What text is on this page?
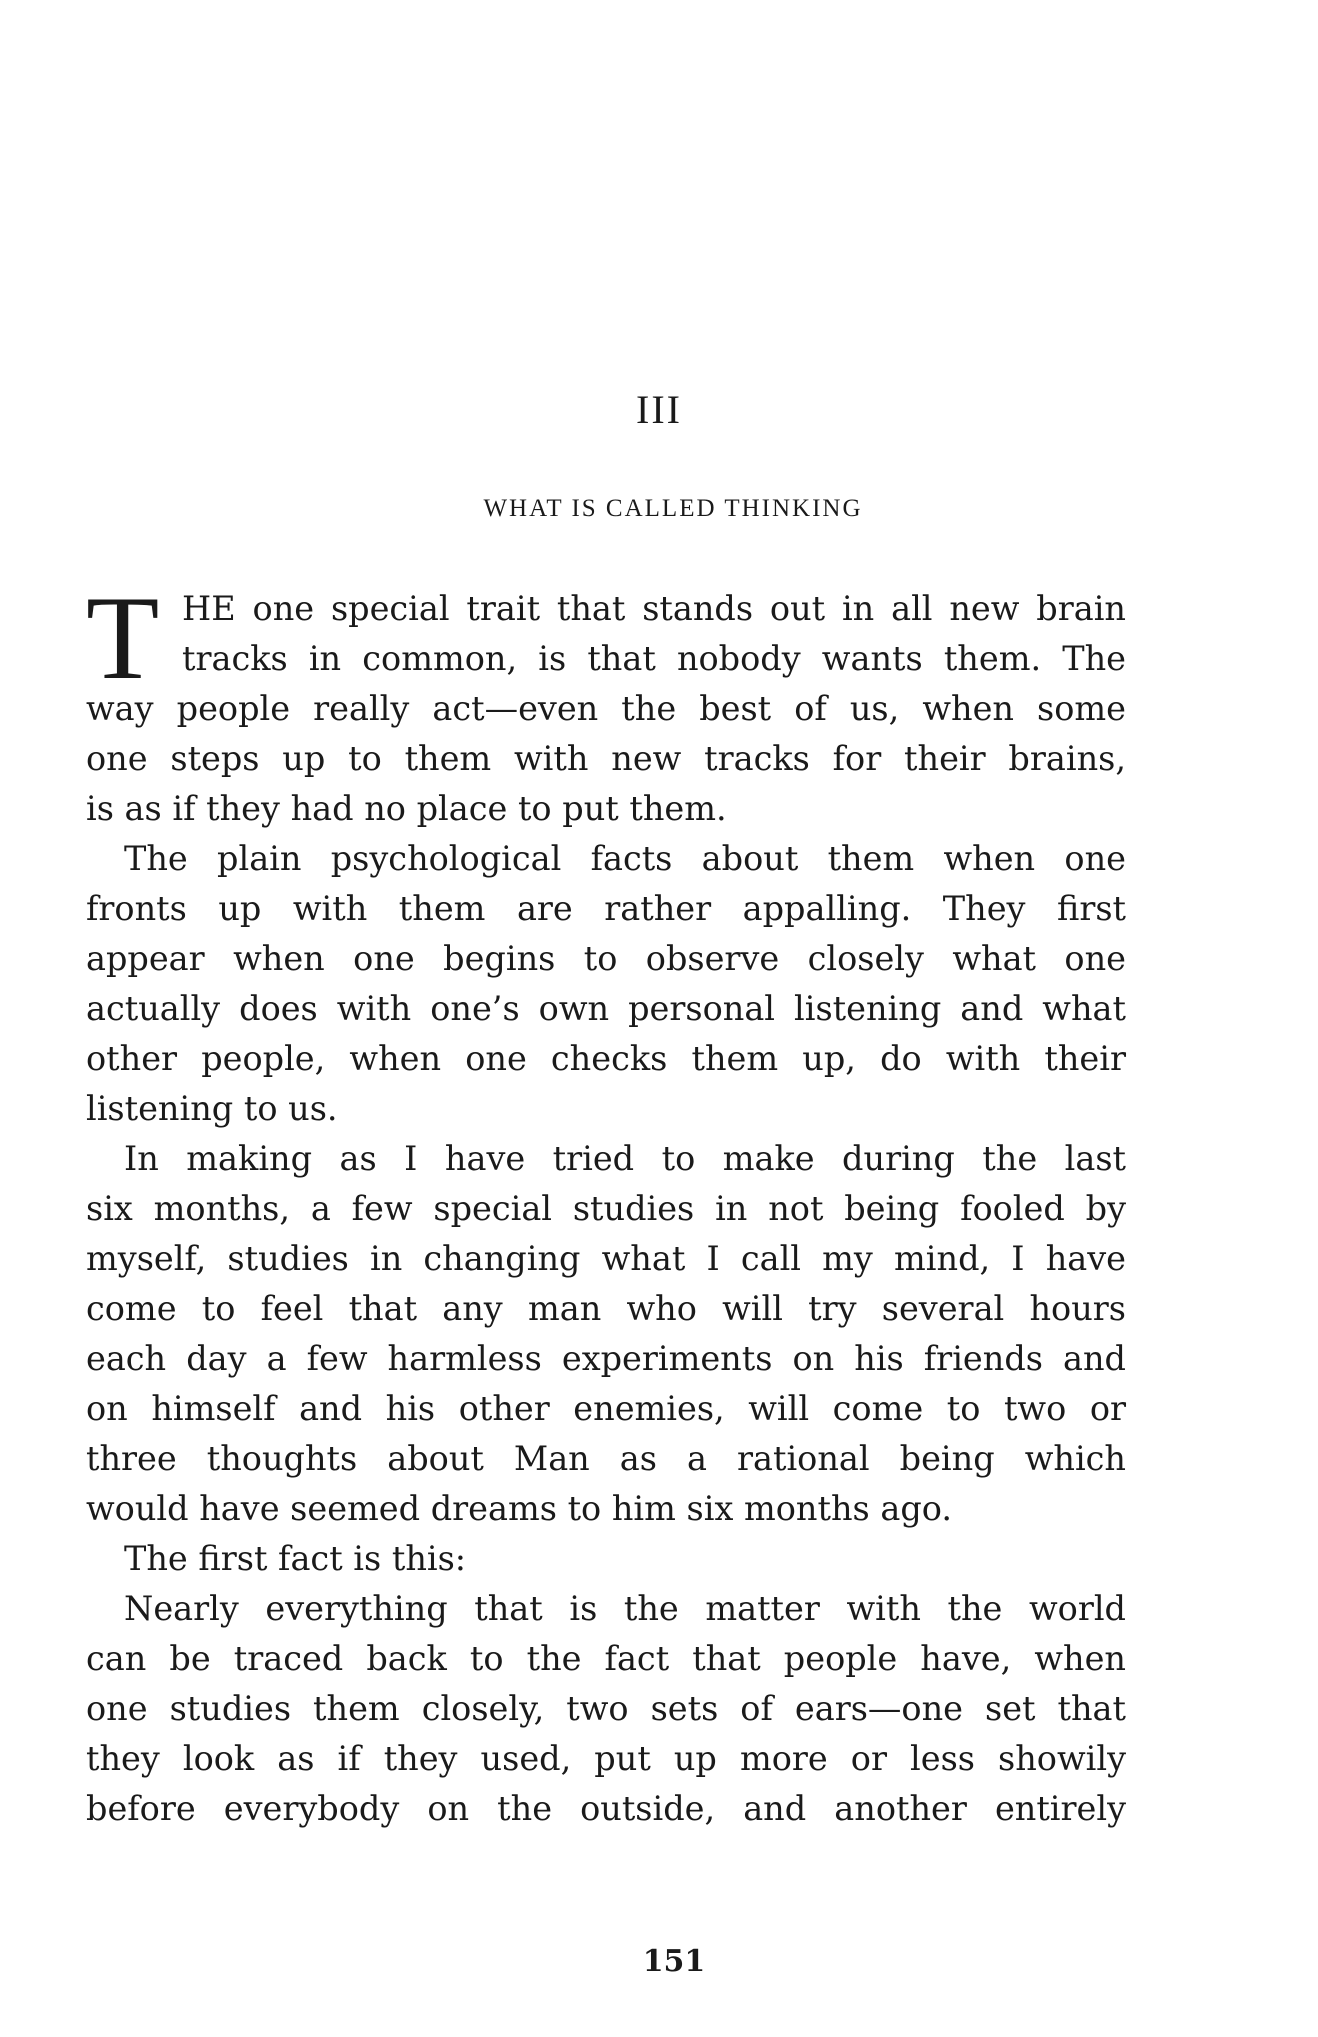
III
WHAT IS CALLED THINKING
T HE one special trait that stands out in all new brain
tracks in common, is that nobody wants them. The
way people really act—even the best of us, when some
one steps up to them with new tracks for their brains,
is as if they had no place to put them.
The plain psychological facts about them when one
fronts up with them are rather appalling. They first
appear when one begins to observe closely what one
actually does with one’s own personal listening and what
other people, when one checks them up, do with their
listening to us.
In making as I have tried to make during the last
six months, a few special studies in not being fooled by
myself, studies in changing what I call my mind, I have
come to feel that any man who will try several hours
each day a few harmless experiments on his friends and
on himself and his other enemies, will come to two or
three thoughts about Man as a rational being which
would have seemed dreams to him six months ago.
The first fact is this:
Nearly everything that is the matter with the world
can be traced back to the fact that people have, when
one studies them closely, two sets of ears—one set that
they look as if they used, put up more or less showily
before everybody on the outside, and another entirely
151
